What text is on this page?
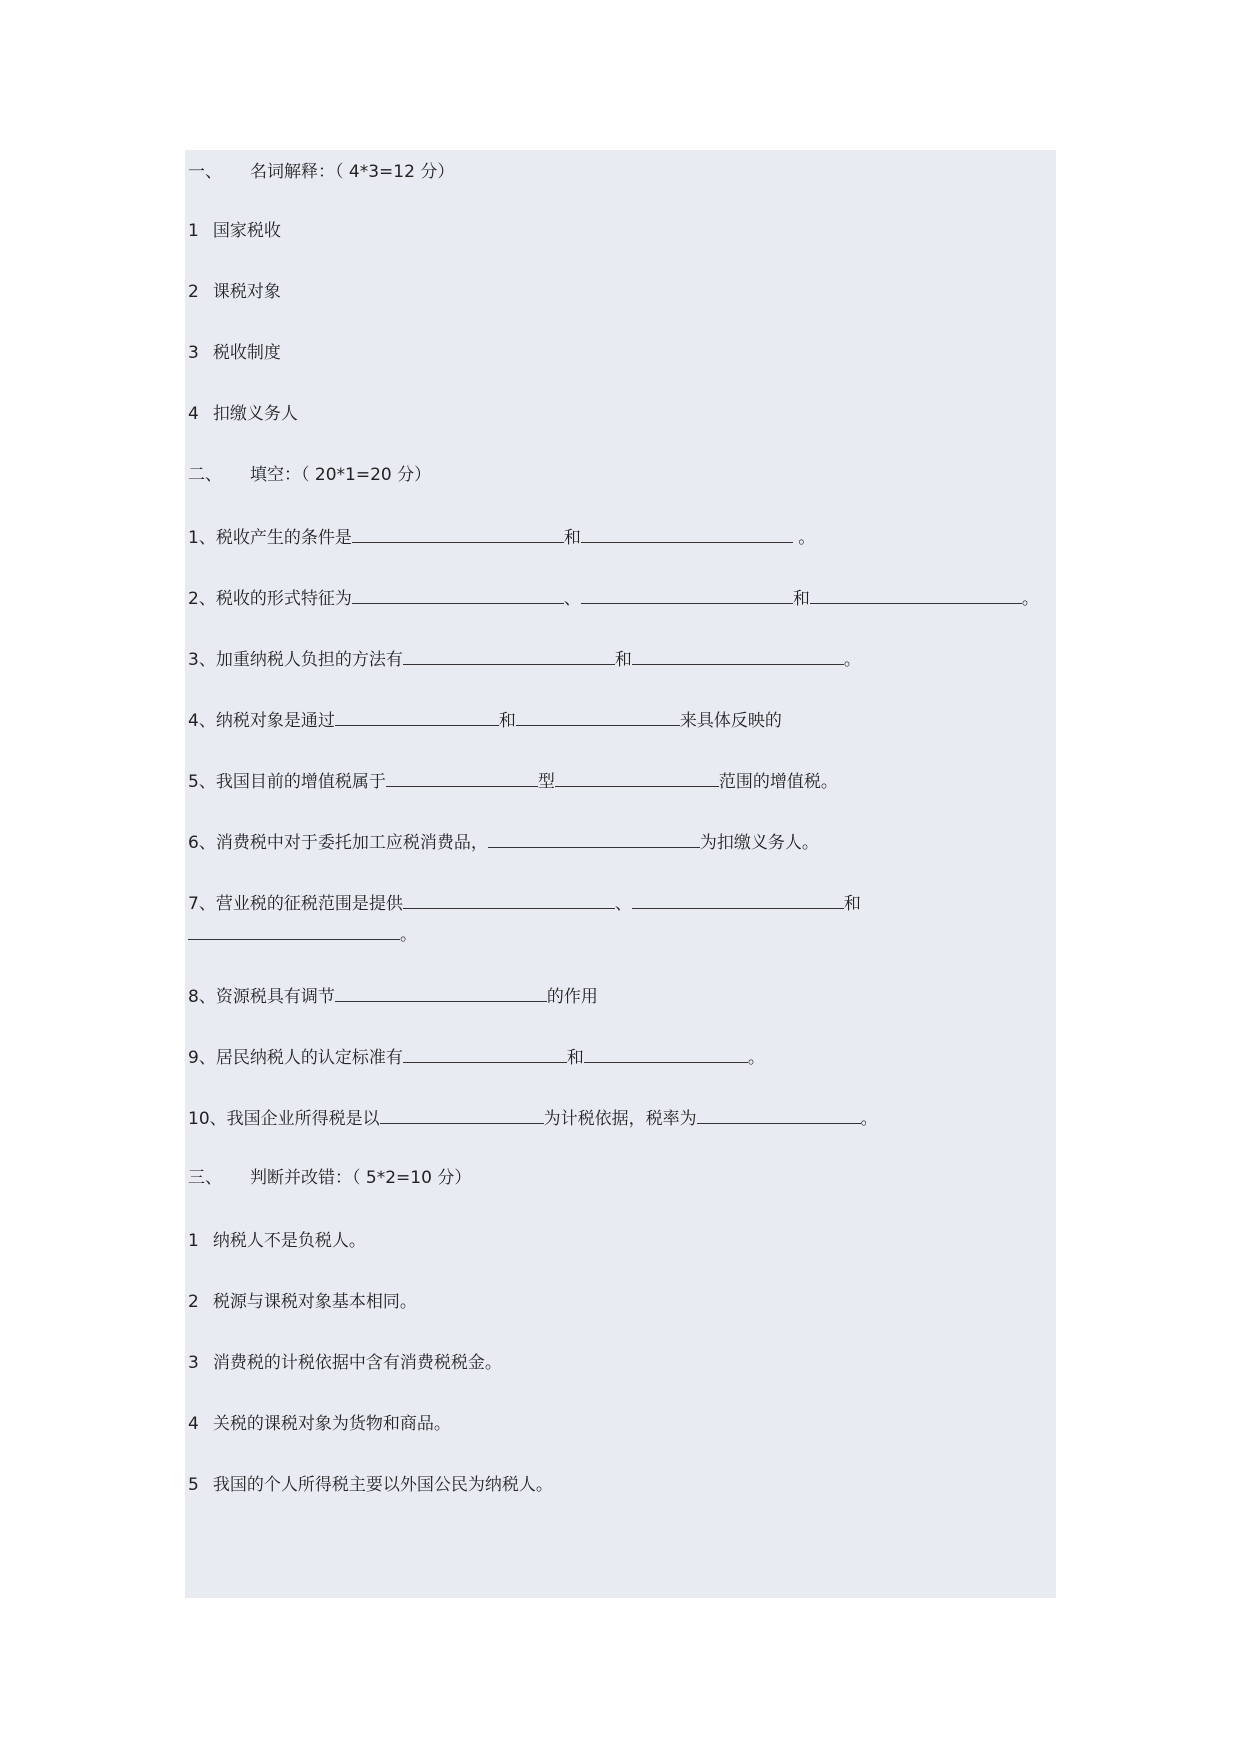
一、 名词解释：（ 4*3=12 分）
1 国家税收
2 课税对象
3 税收制度
4 扣缴义务人
二、 填空：（ 20*1=20 分）
1、税收产生的条件是	和	。
2、税收的形式特征为	、	和	。
3、加重纳税人负担的方法有	和	。
4、纳税对象是通过	和	来具体反映的
5、我国目前的增值税属于	型	范围的增值税。
6、消费税中对于委托加工应税消费品，	为扣缴义务人。
7、营业税的征税范围是提供	、	和
。
8、资源税具有调节	的作用
9、居民纳税人的认定标准有	和	。
10、我国企业所得税是以	为计税依据，税率为	。
三、 判断并改错：（ 5*2=10 分）
1 纳税人不是负税人。
2 税源与课税对象基本相同。
3 消费税的计税依据中含有消费税税金。
4 关税的课税对象为货物和商品。
5 我国的个人所得税主要以外国公民为纳税人。
